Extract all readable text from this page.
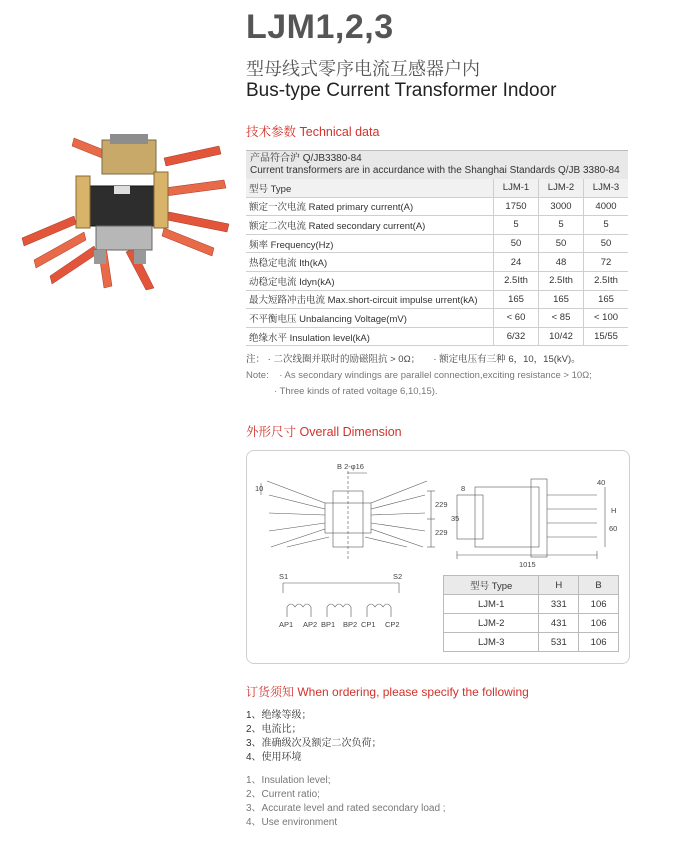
LJM1,2,3
型母线式零序电流互感器户内
Bus-type Current Transformer Indoor
技术参数 Technical data
产品符合沪 Q/JB3380-84
Current transformers are in accurdance with the Shanghai Standards Q/JB 3380-84
型号 Type	LJM-1	LJM-2	LJM-3
额定一次电流 Rated primary current(A)	1750	3000	4000
额定二次电流 Rated secondary current(A)	5	5	5
频率 Frequency(Hz)	50	50	50
热稳定电流 Ith(kA)	24	48	72
动稳定电流 Idyn(kA)	2.5Ith	2.5Ith	2.5Ith
最大短路冲击电流 Max.short-circuit impulse urrent(kA)	165	165	165
不平衡电压 Unbalancing Voltage(mV)	< 60	< 85	< 100
绝缘水平 Insulation level(kA)	6/32	10/42	15/55
注： · 二次线圈并联时的励磁阻抗 > 0Ω； · 额定电压有三种 6，10，15(kV)。
Note: · As secondary windings are parallel connection,exciting resistance > 10Ω;
· Three kinds of rated voltage 6,10,15).
外形尺寸 Overall Dimension
B 2-φ16
10
229
229
35
1015
40
60
8
H
S1	S2
AP1 AP2 BP1 BP2 CP1 CP2
型号 Type	H	B
LJM-1	331	106
LJM-2	431	106
LJM-3	531	106
订货须知 When ordering, please specify the following
1、绝缘等级；
2、电流比；
3、准确级次及额定二次负荷；
4、使用环境
1、Insulation level;
2、Current ratio;
3、Accurate level and rated secondary load ;
4、Use environment
